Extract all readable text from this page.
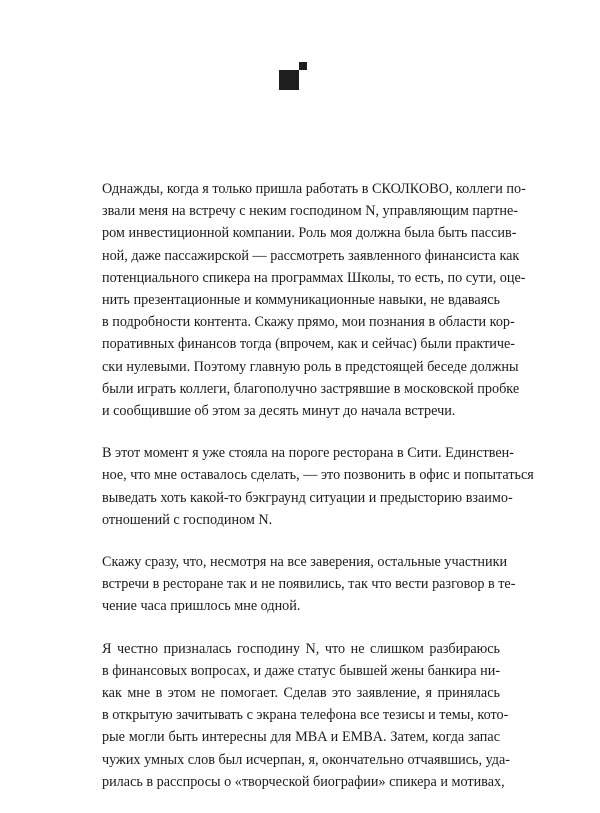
Однажды, когда я только пришла работать в СКОЛКОВО, коллеги по-
звали меня на встречу с неким господином N, управляющим партне-
ром инвестиционной компании. Роль моя должна была быть пассив-
ной, даже пассажирской — рассмотреть заявленного финансиста как
потенциального спикера на программах Школы, то есть, по сути, оце-
нить презентационные и коммуникационные навыки, не вдаваясь
в подробности контента. Скажу прямо, мои познания в области кор-
поративных финансов тогда (впрочем, как и сейчас) были практиче-
ски нулевыми. Поэтому главную роль в предстоящей беседе должны
были играть коллеги, благополучно застрявшие в московской пробке
и сообщившие об этом за десять минут до начала встречи.
В этот момент я уже стояла на пороге ресторана в Сити. Единствен-
ное, что мне оставалось сделать, — это позвонить в офис и попытаться
выведать хоть какой-то бэкграунд ситуации и предысторию взаимо-
отношений с господином N.
Скажу сразу, что, несмотря на все заверения, остальные участники
встречи в ресторане так и не появились, так что вести разговор в те-
чение часа пришлось мне одной.
Я честно призналась господину N, что не слишком разбираюсь
в финансовых вопросах, и даже статус бывшей жены банкира ни-
как мне в этом не помогает. Сделав это заявление, я принялась
в открытую зачитывать с экрана телефона все тезисы и темы, кото-
рые могли быть интересны для MBA и EMBA. Затем, когда запас
чужих умных слов был исчерпан, я, окончательно отчаявшись, уда-
рилась в расспросы о «творческой биографии» спикера и мотивах,
